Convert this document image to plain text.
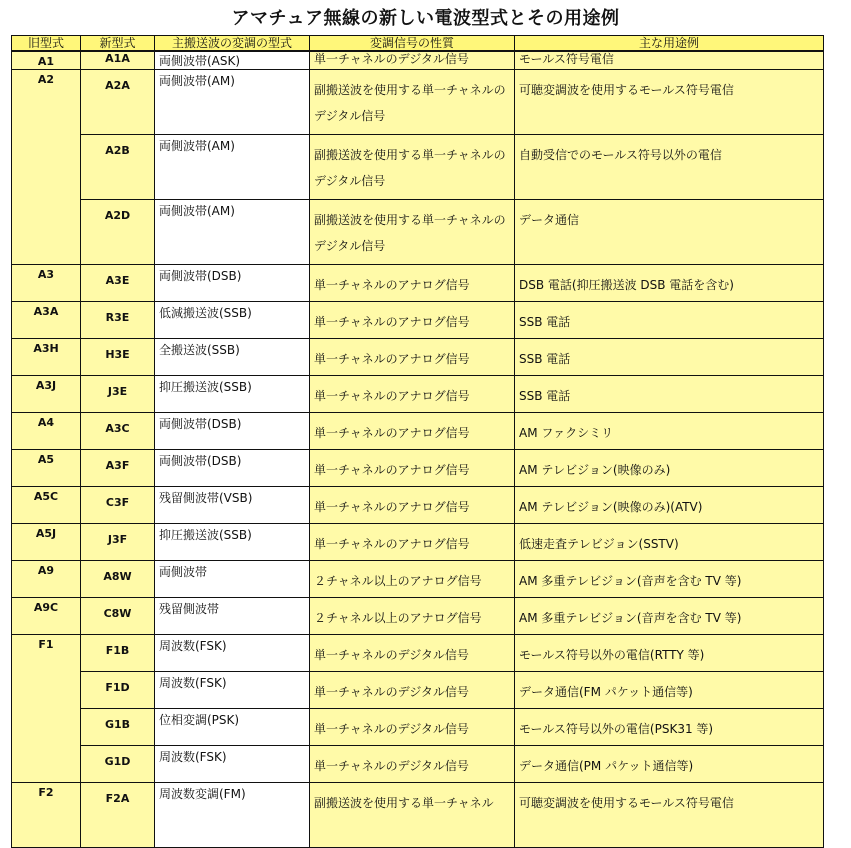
アマチュア無線の新しい電波型式とその用途例
旧型式	新型式	主搬送波の変調の型式	変調信号の性質	主な用途例
A1	A1A	両側波帯(ASK)	単一チャネルのデジタル信号	モールス符号電信
A2	A2A	両側波帯(AM)	副搬送波を使用する単一チャネルのデジタル信号	可聴変調波を使用するモールス符号電信
	A2B	両側波帯(AM)	副搬送波を使用する単一チャネルのデジタル信号	自動受信でのモールス符号以外の電信
	A2D	両側波帯(AM)	副搬送波を使用する単一チャネルのデジタル信号	データ通信
A3	A3E	両側波帯(DSB)	単一チャネルのアナログ信号	DSB 電話(抑圧搬送波 DSB 電話を含む)
A3A	R3E	低減搬送波(SSB)	単一チャネルのアナログ信号	SSB 電話
A3H	H3E	全搬送波(SSB)	単一チャネルのアナログ信号	SSB 電話
A3J	J3E	抑圧搬送波(SSB)	単一チャネルのアナログ信号	SSB 電話
A4	A3C	両側波帯(DSB)	単一チャネルのアナログ信号	AM ファクシミリ
A5	A3F	両側波帯(DSB)	単一チャネルのアナログ信号	AM テレビジョン(映像のみ)
A5C	C3F	残留側波帯(VSB)	単一チャネルのアナログ信号	AM テレビジョン(映像のみ)(ATV)
A5J	J3F	抑圧搬送波(SSB)	単一チャネルのアナログ信号	低速走査テレビジョン(SSTV)
A9	A8W	両側波帯	２チャネル以上のアナログ信号	AM 多重テレビジョン(音声を含む TV 等)
A9C	C8W	残留側波帯	２チャネル以上のアナログ信号	AM 多重テレビジョン(音声を含む TV 等)
F1	F1B	周波数(FSK)	単一チャネルのデジタル信号	モールス符号以外の電信(RTTY 等)
	F1D	周波数(FSK)	単一チャネルのデジタル信号	データ通信(FM パケット通信等)
	G1B	位相変調(PSK)	単一チャネルのデジタル信号	モールス符号以外の電信(PSK31 等)
	G1D	周波数(FSK)	単一チャネルのデジタル信号	データ通信(PM パケット通信等)
F2	F2A	周波数変調(FM)	副搬送波を使用する単一チャネル	可聴変調波を使用するモールス符号電信
